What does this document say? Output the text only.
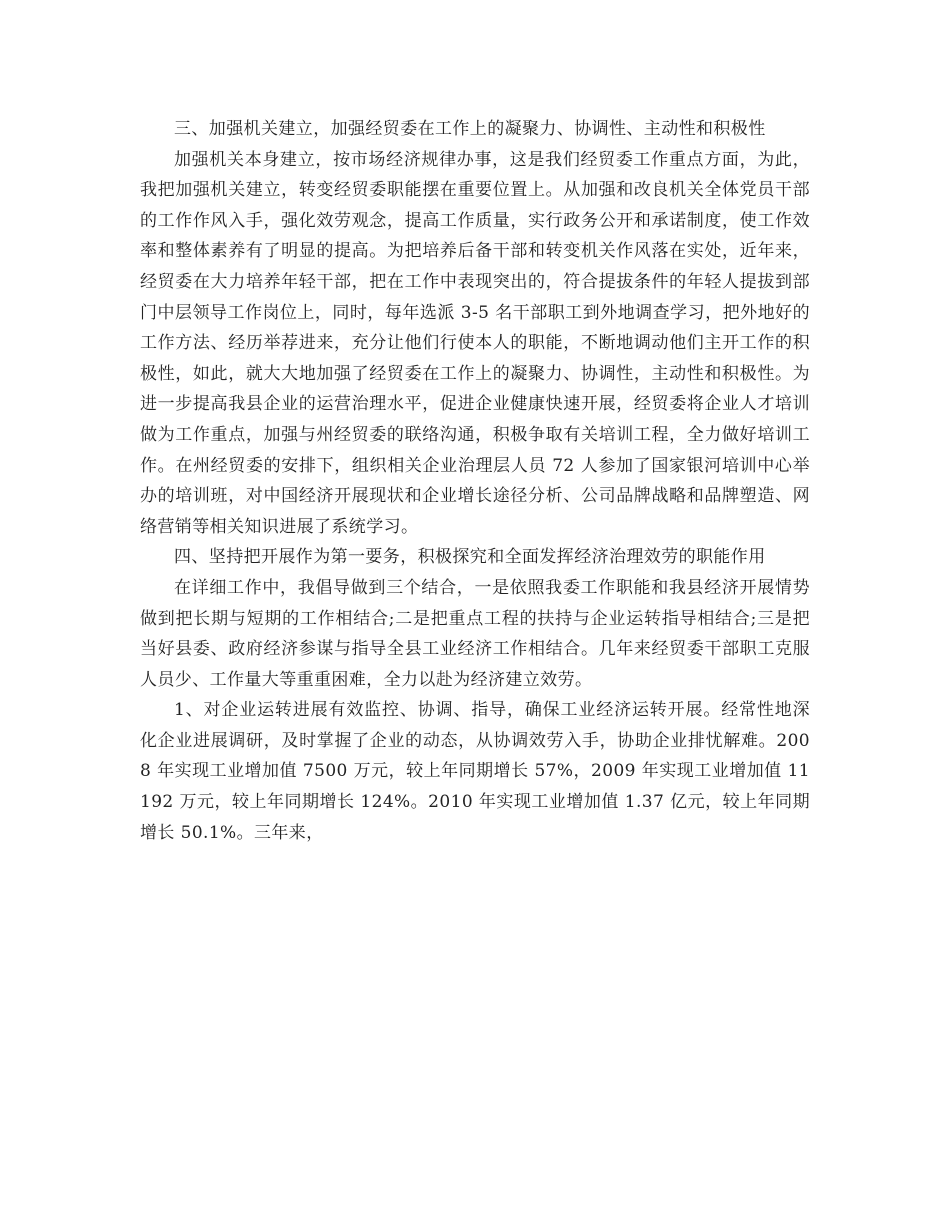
三、加强机关建立，加强经贸委在工作上的凝聚力、协调性、主动性和积极性

加强机关本身建立，按市场经济规律办事，这是我们经贸委工作重点方面，为此，我把加强机关建立，转变经贸委职能摆在重要位置上。从加强和改良机关全体党员干部的工作作风入手，强化效劳观念，提高工作质量，实行政务公开和承诺制度，使工作效率和整体素养有了明显的提高。为把培养后备干部和转变机关作风落在实处，近年来，经贸委在大力培养年轻干部，把在工作中表现突出的，符合提拔条件的年轻人提拔到部门中层领导工作岗位上，同时，每年选派 3-5 名干部职工到外地调查学习，把外地好的工作方法、经历举荐进来，充分让他们行使本人的职能，不断地调动他们主开工作的积极性，如此，就大大地加强了经贸委在工作上的凝聚力、协调性，主动性和积极性。为进一步提高我县企业的运营治理水平，促进企业健康快速开展，经贸委将企业人才培训做为工作重点，加强与州经贸委的联络沟通，积极争取有关培训工程，全力做好培训工作。在州经贸委的安排下，组织相关企业治理层人员 72 人参加了国家银河培训中心举办的培训班，对中国经济开展现状和企业增长途径分析、公司品牌战略和品牌塑造、网络营销等相关知识进展了系统学习。

四、坚持把开展作为第一要务，积极探究和全面发挥经济治理效劳的职能作用

在详细工作中，我倡导做到三个结合，一是依照我委工作职能和我县经济开展情势做到把长期与短期的工作相结合;二是把重点工程的扶持与企业运转指导相结合;三是把当好县委、政府经济参谋与指导全县工业经济工作相结合。几年来经贸委干部职工克服人员少、工作量大等重重困难，全力以赴为经济建立效劳。

1、对企业运转进展有效监控、协调、指导，确保工业经济运转开展。经常性地深化企业进展调研，及时掌握了企业的动态，从协调效劳入手，协助企业排忧解难。2008 年实现工业增加值 7500 万元，较上年同期增长 57%，2009 年实现工业增加值 11192 万元，较上年同期增长 124%。2010 年实现工业增加值 1.37 亿元，较上年同期增长 50.1%。三年来，
